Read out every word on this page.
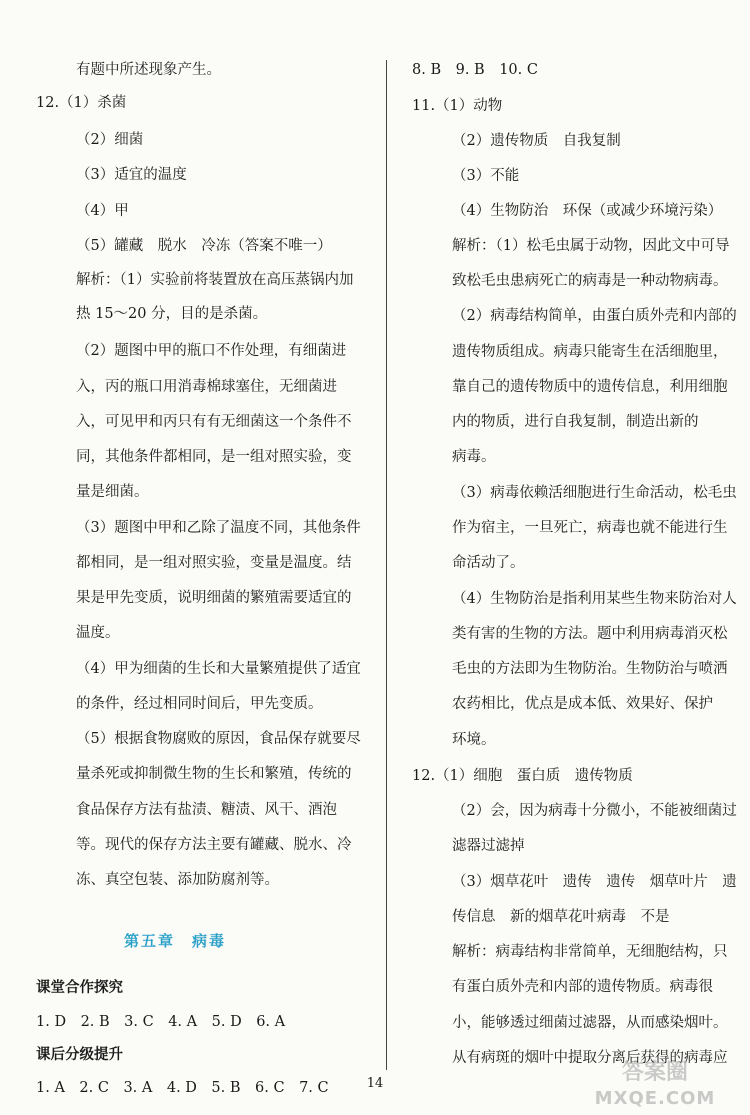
有题中所述现象产生。
12.（1）杀菌
（2）细菌
（3）适宜的温度
（4）甲
（5）罐藏　脱水　冷冻（答案不唯一）
解析：（1）实验前将装置放在高压蒸锅内加
热 15～20 分，目的是杀菌。
（2）题图中甲的瓶口不作处理，有细菌进
入，丙的瓶口用消毒棉球塞住，无细菌进
入，可见甲和丙只有有无细菌这一个条件不
同，其他条件都相同，是一组对照实验，变
量是细菌。
（3）题图中甲和乙除了温度不同，其他条件
都相同，是一组对照实验，变量是温度。结
果是甲先变质，说明细菌的繁殖需要适宜的
温度。
（4）甲为细菌的生长和大量繁殖提供了适宜
的条件，经过相同时间后，甲先变质。
（5）根据食物腐败的原因，食品保存就要尽
量杀死或抑制微生物的生长和繁殖，传统的
食品保存方法有盐渍、糖渍、风干、酒泡
等。现代的保存方法主要有罐藏、脱水、冷
冻、真空包装、添加防腐剂等。
课堂合作探究
1. D　2. B　3. C　4. A　5. D　6. A
课后分级提升
1. A　2. C　3. A　4. D　5. B　6. C　7. C
第五章　病毒
8. B　9. B　10. C
11.（1）动物
（2）遗传物质　自我复制
（3）不能
（4）生物防治　环保（或减少环境污染）
解析：（1）松毛虫属于动物，因此文中可导
致松毛虫患病死亡的病毒是一种动物病毒。
（2）病毒结构简单，由蛋白质外壳和内部的
遗传物质组成。病毒只能寄生在活细胞里，
靠自己的遗传物质中的遗传信息，利用细胞
内的物质，进行自我复制，制造出新的
病毒。
（3）病毒依赖活细胞进行生命活动，松毛虫
作为宿主，一旦死亡，病毒也就不能进行生
命活动了。
（4）生物防治是指利用某些生物来防治对人
类有害的生物的方法。题中利用病毒消灭松
毛虫的方法即为生物防治。生物防治与喷洒
农药相比，优点是成本低、效果好、保护
环境。
12.（1）细胞　蛋白质　遗传物质
（2）会，因为病毒十分微小，不能被细菌过
滤器过滤掉
（3）烟草花叶　遗传　遗传　烟草叶片　遗
传信息　新的烟草花叶病毒　不是
解析：病毒结构非常简单，无细胞结构，只
有蛋白质外壳和内部的遗传物质。病毒很
小，能够透过细菌过滤器，从而感染烟叶。
从有病斑的烟叶中提取分离后获得的病毒应
14	答案圈
MXQE.COM
